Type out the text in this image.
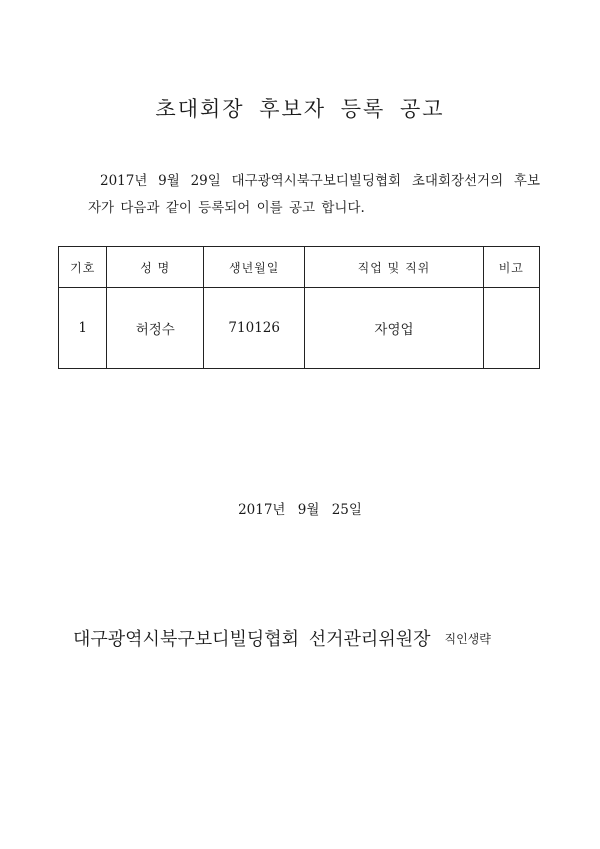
초대회장 후보자 등록 공고
2017년 9월 29일 대구광역시북구보디빌딩협회 초대회장선거의 후보
자가 다음과 같이 등록되어 이를 공고 합니다.
기호	성 명	생년월일	직업 및 직위	비고
1	허정수	710126	자영업	
2017년 9월 25일
대구광역시북구보디빌딩협회 선거관리위원장 직인생략
